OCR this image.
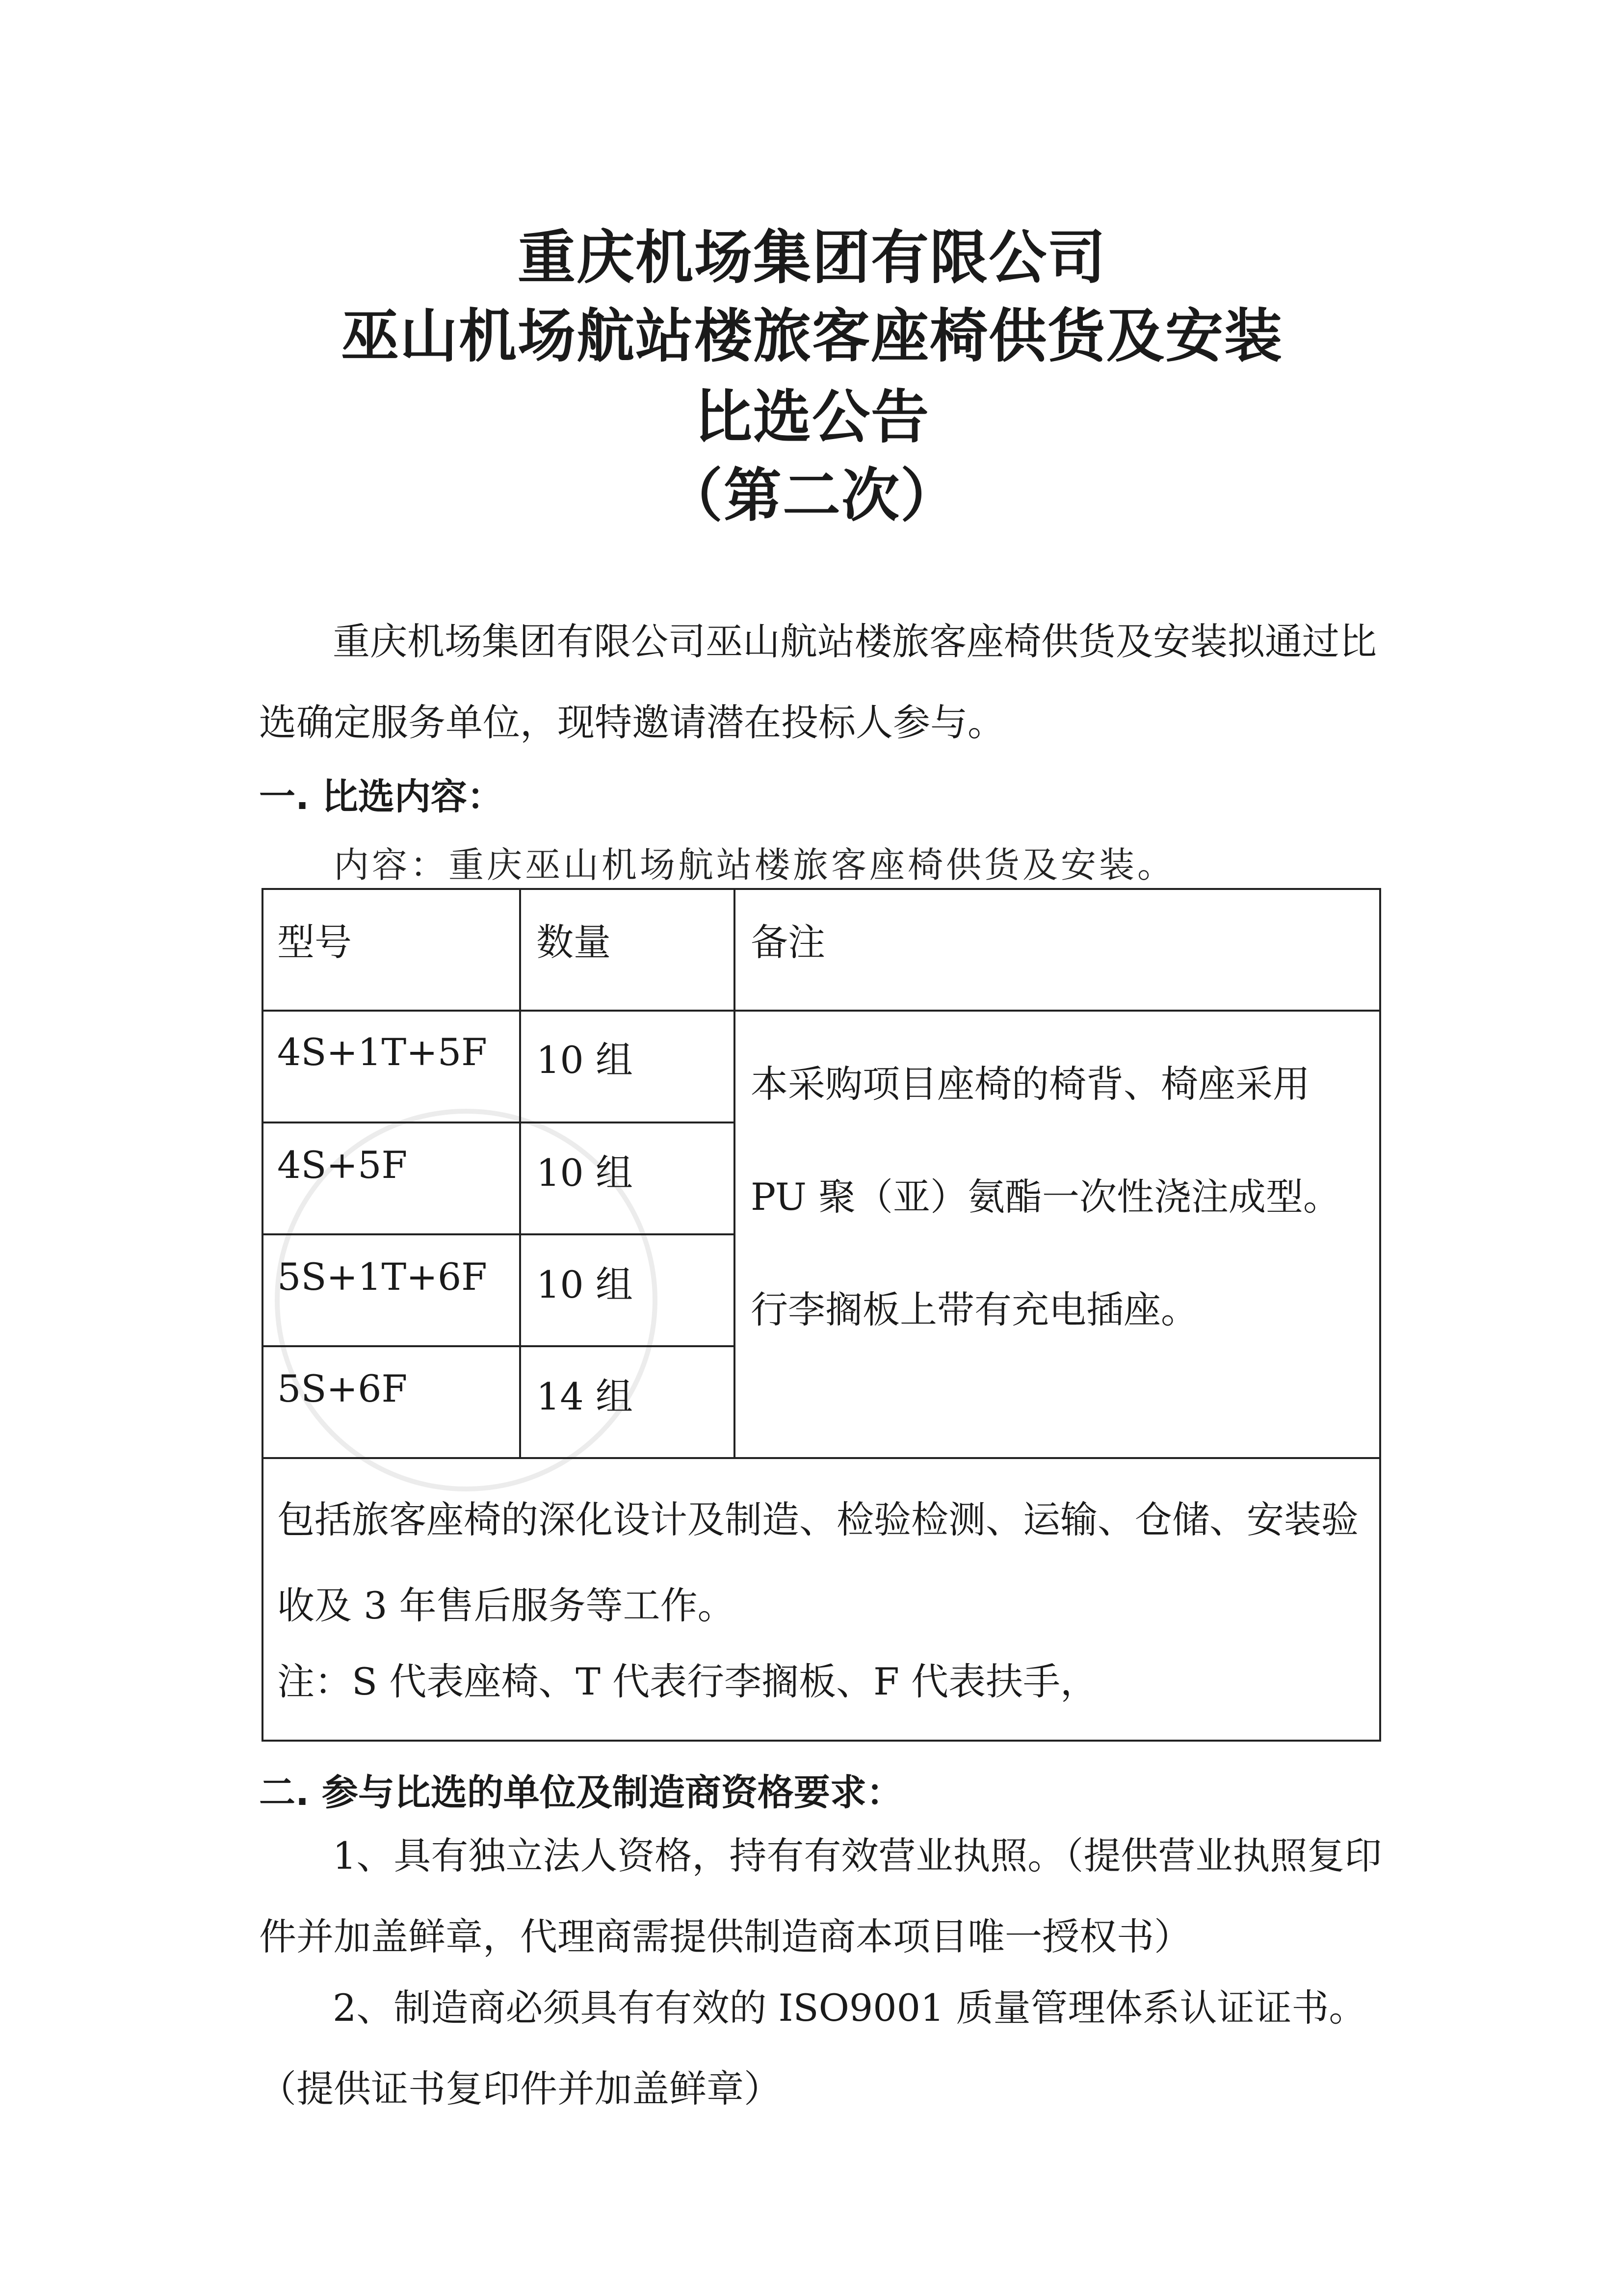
重庆机场集团有限公司
巫山机场航站楼旅客座椅供货及安装
比选公告
（第二次）
重庆机场集团有限公司巫山航站楼旅客座椅供货及安装拟通过比选确定服务单位，现特邀请潜在投标人参与。
一. 比选内容：
内容：重庆巫山机场航站楼旅客座椅供货及安装。
型号	数量	备注
4S+1T+5F 10 组
4S+5F	10 组
5S+1T+6F 10 组
5S+6F	14 组
本采购项目座椅的椅背、椅座采用PU 聚（亚）氨酯一次性浇注成型。行李搁板上带有充电插座。
包括旅客座椅的深化设计及制造、检验检测、运输、仓储、安装验收及 3 年售后服务等工作。
注：S 代表座椅、T 代表行李搁板、F 代表扶手，
二. 参与比选的单位及制造商资格要求：
1、具有独立法人资格，持有有效营业执照。（提供营业执照复印件并加盖鲜章，代理商需提供制造商本项目唯一授权书）
2、制造商必须具有有效的 ISO9001 质量管理体系认证证书。（提供证书复印件并加盖鲜章）
